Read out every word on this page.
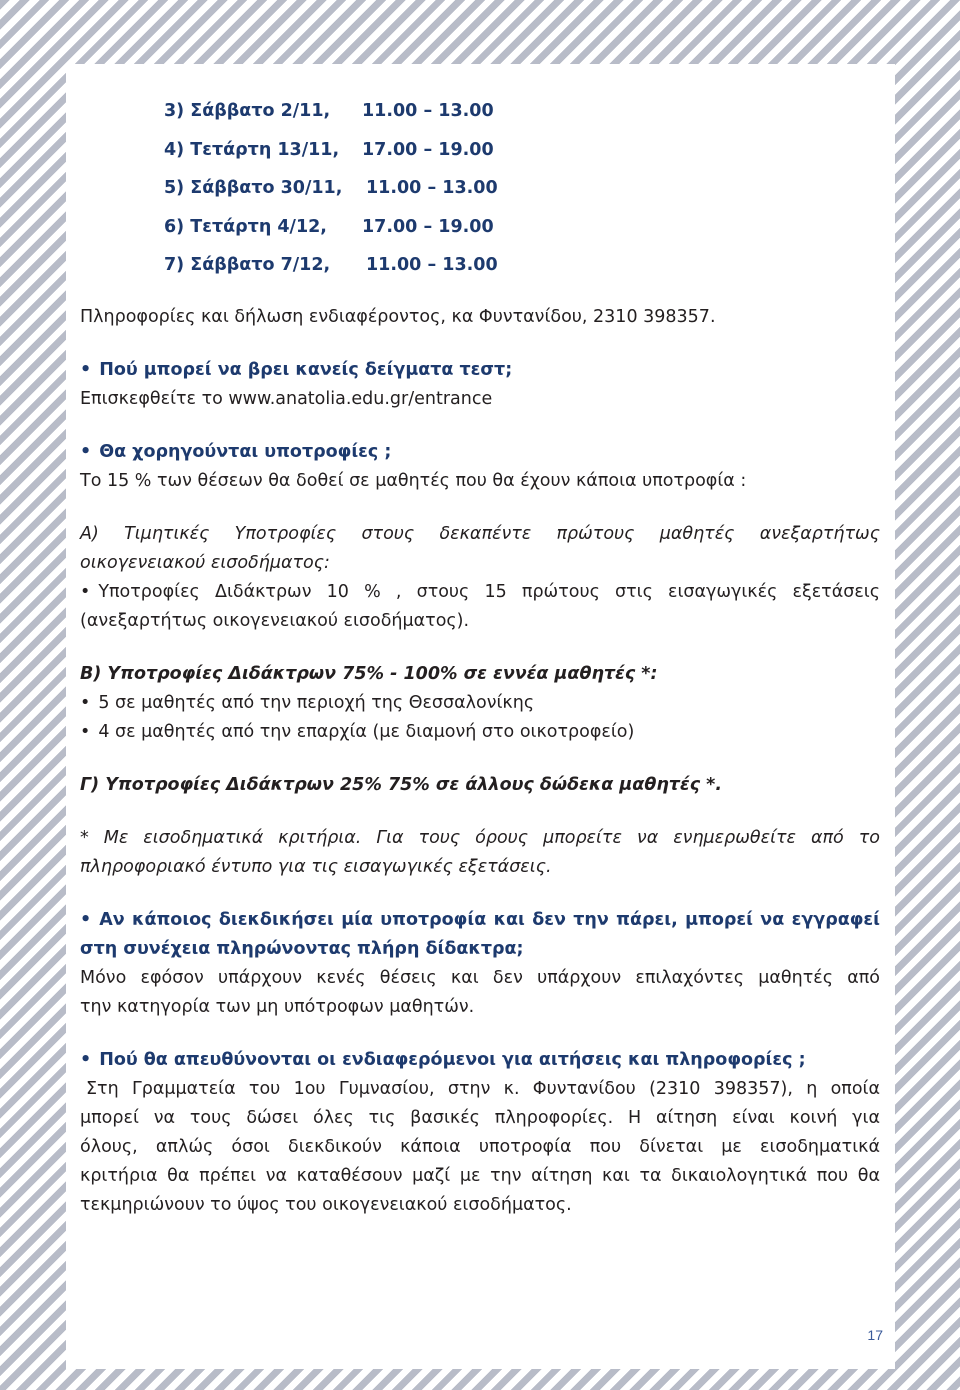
3) Σάββατο 2/11,	11.00 – 13.00
4) Τετάρτη 13/11,	17.00 – 19.00
5) Σάββατο 30/11,	11.00 – 13.00
6) Τετάρτη 4/12,	17.00 – 19.00
7) Σάββατο 7/12,	11.00 – 13.00

Πληροφορίες και δήλωση ενδιαφέροντος, κα Φυντανίδου, 2310 398357.

• Πού μπορεί να βρει κανείς δείγματα τεστ;

Επισκεφθείτε το www.anatolia.edu.gr/entrance

• Θα χορηγούνται υποτροφίες ;

Το 15 % των θέσεων θα δοθεί σε μαθητές που θα έχουν κάποια υποτροφία :

Α) Τιμητικές Υποτροφίες στους δεκαπέντε πρώτους μαθητές ανεξαρτήτως

οικογενειακού εισοδήματος:

• Υποτροφίες Διδάκτρων 10 % , στους 15 πρώτους στις εισαγωγικές εξετάσεις

(ανεξαρτήτως οικογενειακού εισοδήματος).

Β) Υποτροφίες Διδάκτρων 75% - 100% σε εννέα μαθητές *:

• 5 σε μαθητές από την περιοχή της Θεσσαλονίκης

• 4 σε μαθητές από την επαρχία (με διαμονή στο οικοτροφείο)

Γ) Υποτροφίες Διδάκτρων 25% 75% σε άλλους δώδεκα μαθητές *.

* Με εισοδηματικά κριτήρια. Για τους όρους μπορείτε να ενημερωθείτε από το

πληροφοριακό έντυπο για τις εισαγωγικές εξετάσεις.

• Αν κάποιος διεκδικήσει μία υποτροφία και δεν την πάρει, μπορεί να εγγραφεί

στη συνέχεια πληρώνοντας πλήρη δίδακτρα;

Μόνο εφόσον υπάρχουν κενές θέσεις και δεν υπάρχουν επιλαχόντες μαθητές από

την κατηγορία των μη υπότροφων μαθητών.

• Πού θα απευθύνονται οι ενδιαφερόμενοι για αιτήσεις και πληροφορίες ;

Στη Γραμματεία του 1ου Γυμνασίου, στην κ. Φυντανίδου (2310 398357), η οποία

μπορεί να τους δώσει όλες τις βασικές πληροφορίες. Η αίτηση είναι κοινή για

όλους, απλώς όσοι διεκδικούν κάποια υποτροφία που δίνεται με εισοδηματικά

κριτήρια θα πρέπει να καταθέσουν μαζί με την αίτηση και τα δικαιολογητικά που θα

τεκμηριώνουν το ύψος του οικογενειακού εισοδήματος.

17
